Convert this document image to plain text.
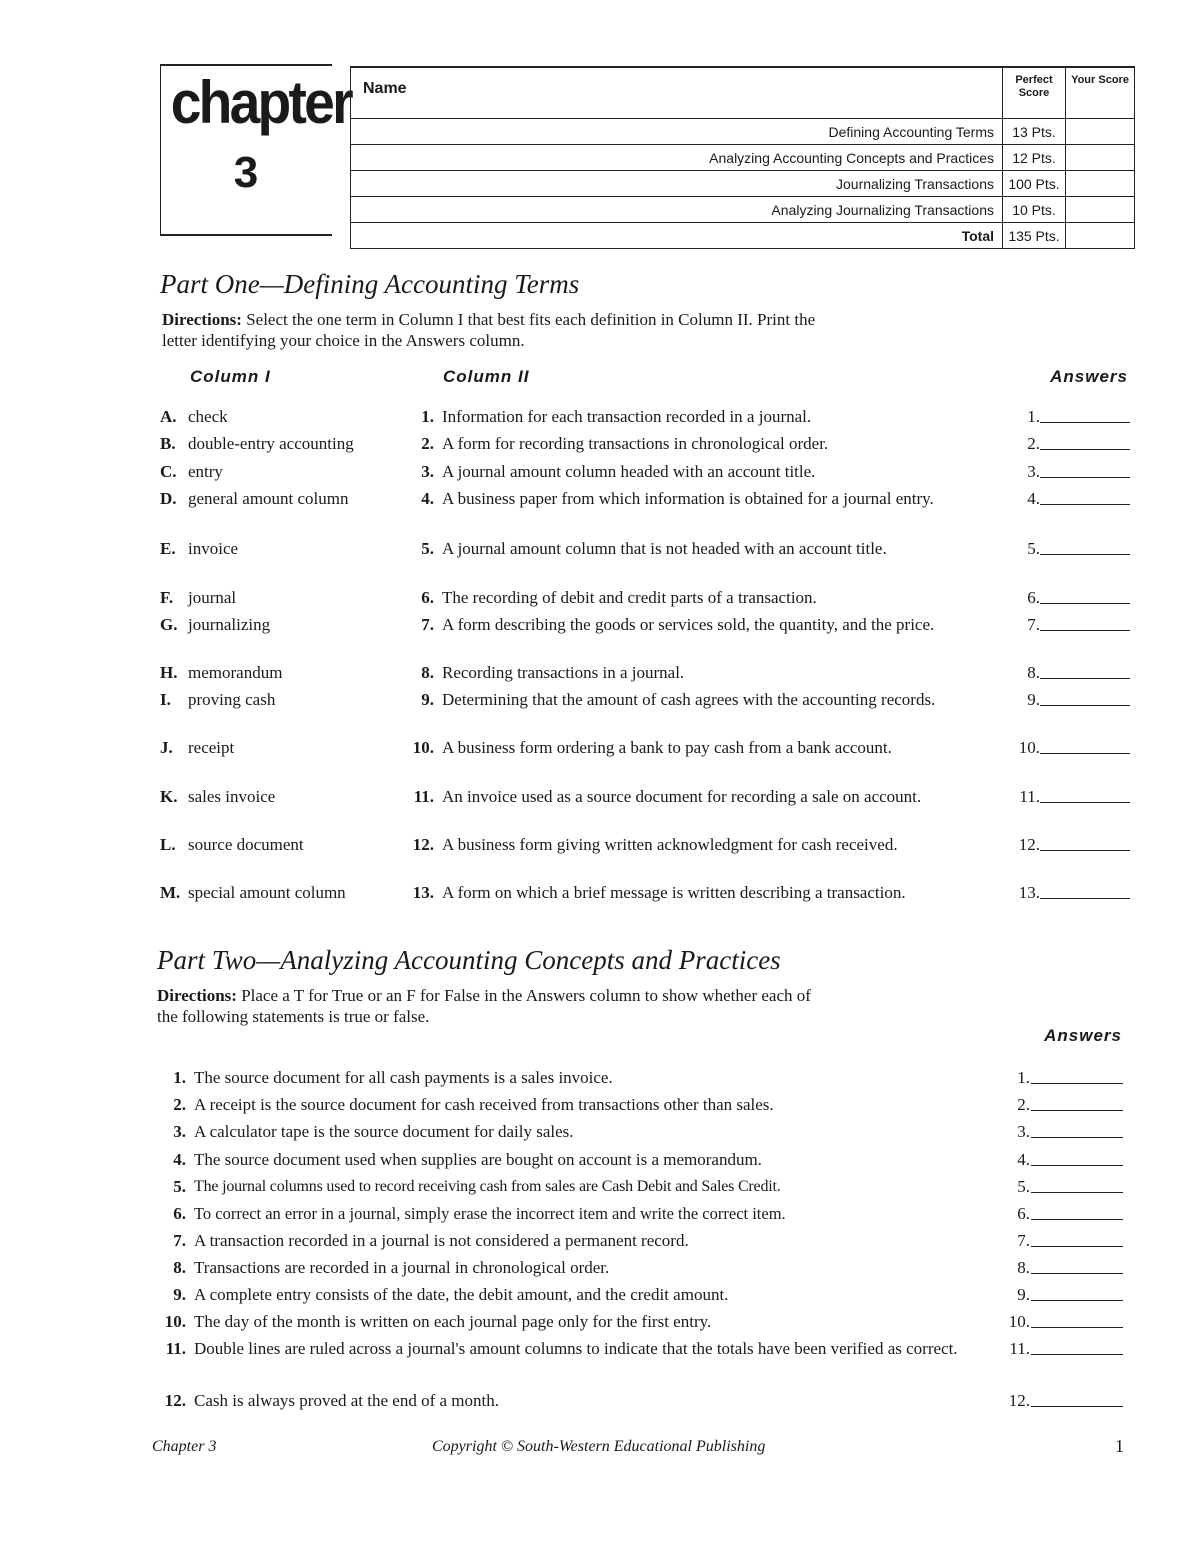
chapter
3
Name	Perfect Score	Your Score
Defining Accounting Terms	13 Pts.	
Analyzing Accounting Concepts and Practices	12 Pts.	
Journalizing Transactions	100 Pts.	
Analyzing Journalizing Transactions	10 Pts.	
Total	135 Pts.	
Part One—Defining Accounting Terms
Directions: Select the one term in Column I that best fits each definition in Column II. Print the letter identifying your choice in the Answers column.
Column I	Column II	Answers
A. check	1. Information for each transaction recorded in a journal.	1.
B. double-entry accounting	2. A form for recording transactions in chronological order.	2.
C. entry	3. A journal amount column headed with an account title.	3.
D. general amount column	4. A business paper from which information is obtained for a journal entry.	4.
E. invoice	5. A journal amount column that is not headed with an account title.	5.
F. journal	6. The recording of debit and credit parts of a transaction.	6.
G. journalizing	7. A form describing the goods or services sold, the quantity, and the price.	7.
H. memorandum	8. Recording transactions in a journal.	8.
I. proving cash	9. Determining that the amount of cash agrees with the accounting records.	9.
J. receipt	10. A business form ordering a bank to pay cash from a bank account.	10.
K. sales invoice	11. An invoice used as a source document for recording a sale on account.	11.
L. source document	12. A business form giving written acknowledgment for cash received.	12.
M. special amount column	13. A form on which a brief message is written describing a transaction.	13.
Part Two—Analyzing Accounting Concepts and Practices
Directions: Place a T for True or an F for False in the Answers column to show whether each of the following statements is true or false.
Answers
1. The source document for all cash payments is a sales invoice.	1.
2. A receipt is the source document for cash received from transactions other than sales.	2.
3. A calculator tape is the source document for daily sales.	3.
4. The source document used when supplies are bought on account is a memorandum.	4.
5. The journal columns used to record receiving cash from sales are Cash Debit and Sales Credit.	5.
6. To correct an error in a journal, simply erase the incorrect item and write the correct item.	6.
7. A transaction recorded in a journal is not considered a permanent record.	7.
8. Transactions are recorded in a journal in chronological order.	8.
9. A complete entry consists of the date, the debit amount, and the credit amount.	9.
10. The day of the month is written on each journal page only for the first entry.	10.
11. Double lines are ruled across a journal's amount columns to indicate that the totals have been verified as correct.	11.
12. Cash is always proved at the end of a month.	12.
Chapter 3	Copyright © South-Western Educational Publishing	1
